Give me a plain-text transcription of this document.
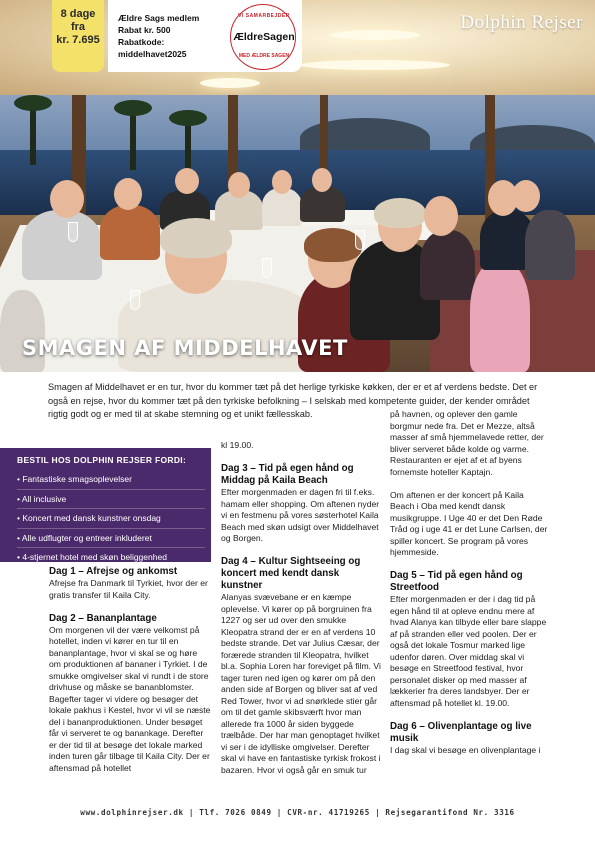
8 dage
fra
kr. 7.695
Ældre Sags medlem
Rabat kr. 500
Rabatkode:
middelhavet2025
VI SAMARBEJDER
ÆldreSagen
MED ÆLDRE SAGEN
Dolphin Rejser
SMAGEN AF MIDDELHAVET

Smagen af Middelhavet er en tur, hvor du kommer tæt på det herlige tyrkiske køkken, der er et af verdens bedste. Det er også en rejse, hvor du kommer tæt på den tyrkiske befolkning – I selskab med kompetente guider, der kender området rigtig godt og er med til at skabe stemning og et unikt fællesskab.

BESTIL HOS DOLPHIN REJSER FORDI:
• Fantastiske smagsoplevelser
• All inclusive
• Koncert med dansk kunstner onsdag
• Alle udflugter og entreer inkluderet
• 4-stjernet hotel med skøn beliggenhed
Dag 1 – Afrejse og ankomst

Afrejse fra Danmark til Tyrkiet, hvor der er gratis transfer til Kaila City.

Dag 2 – Bananplantage

Om morgenen vil der være velkomst på hotellet, inden vi kører en tur til en bananplantage, hvor vi skal se og høre om produktionen af bananer i Tyrkiet. I de smukke omgivelser skal vi rundt i de store drivhuse og måske se bananblomster. Bagefter tager vi videre og besøger det lokale pakhus i Kestel, hvor vi vil se næste del i bananproduktionen. Under besøget får vi serveret te og banankage. Derefter er der tid til at besøge det lokale marked inden turen går tilbage til Kaila City. Der er aftensmad på hotellet

kl 19.00.

Dag 3 – Tid på egen hånd og Middag på Kaila Beach

Efter morgenmaden er dagen fri til f.eks. hamam eller shopping. Om aftenen nyder vi en festmenu på vores søsterhotel Kaila Beach med skøn udsigt over Middelhavet og Borgen.

Dag 4 – Kultur Sightseeing og koncert med kendt dansk kunstner

Alanyas svævebane er en kæmpe oplevelse. Vi kører op på borgruinen fra 1227 og ser ud over den smukke Kleopatra strand der er en af verdens 10 bedste strande. Det var Julius Cæsar, der forærede stranden til Kleopatra, hvilket bl.a. Sophia Loren har foreviget på film. Vi tager turen ned igen og kører om på den anden side af Borgen og bliver sat af ved Red Tower, hvor vi ad snørklede stier går om til det gamle skibsværft hvor man allerede fra 1000 år siden byggede trælbåde. Der har man genoptaget hvilket vi ser i de idylliske omgivelser. Derefter skal vi have en fantastiske tyrkisk frokost i bazaren. Hvor vi også går en smuk tur

på havnen, og oplever den gamle borgmur nede fra. Det er Mezze, altså masser af små hjemmelavede retter, der bliver serveret både kolde og varme. Restauranten er ejet af et af byens fornemste hoteller Kaptajn.

Om aftenen er der koncert på Kaila Beach i Oba med kendt dansk musikgruppe. I Uge 40 er det Den Røde Tråd og i uge 41 er det Lune Carlsen, der spiller koncert. Se program på vores hjemmeside.

Dag 5 – Tid på egen hånd og Streetfood

Efter morgenmaden er der i dag tid på egen hånd til at opleve endnu mere af hvad Alanya kan tilbyde eller bare slappe af på stranden eller ved poolen. Der er også det lokale Tosmur marked lige udenfor døren. Over middag skal vi besøge en Streetfood festival, hvor personalet disker op med masser af lækkerier fra deres landsbyer. Der er aftensmad på hotellet kl. 19.00.

Dag 6 – Olivenplantage og live musik

I dag skal vi besøge en olivenplantage i

www.dolphinrejser.dk | Tlf. 7026 0849 | CVR-nr. 41719265 | Rejsegarantifond Nr. 3316
